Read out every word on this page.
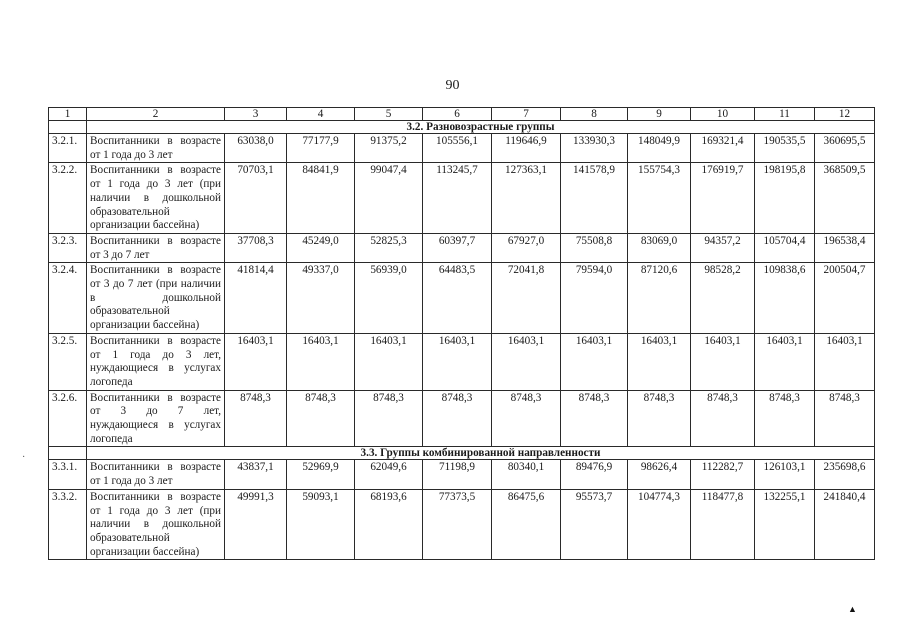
90
1	2	3	4	5	6	7	8	9	10	11	12
	3.2. Разновозрастные группы										
3.2.1.	Воспитанники в возрасте от 1 года до 3 лет	63038,0	77177,9	91375,2	105556,1	119646,9	133930,3	148049,9	169321,4	190535,5	360695,5
3.2.2.	Воспитанники в возрасте от 1 года до 3 лет (при наличии в дошкольной образовательной организации бассейна)	70703,1	84841,9	99047,4	113245,7	127363,1	141578,9	155754,3	176919,7	198195,8	368509,5
3.2.3.	Воспитанники в возрасте от 3 до 7 лет	37708,3	45249,0	52825,3	60397,7	67927,0	75508,8	83069,0	94357,2	105704,4	196538,4
3.2.4.	Воспитанники в возрасте от 3 до 7 лет (при наличии в дошкольной образовательной организации бассейна)	41814,4	49337,0	56939,0	64483,5	72041,8	79594,0	87120,6	98528,2	109838,6	200504,7
3.2.5.	Воспитанники в возрасте от 1 года до 3 лет, нуждающиеся в услугах логопеда	16403,1	16403,1	16403,1	16403,1	16403,1	16403,1	16403,1	16403,1	16403,1	16403,1
3.2.6.	Воспитанники в возрасте от 3 до 7 лет, нуждающиеся в услугах логопеда	8748,3	8748,3	8748,3	8748,3	8748,3	8748,3	8748,3	8748,3	8748,3	8748,3
	3.3. Группы комбинированной направленности										
3.3.1.	Воспитанники в возрасте от 1 года до 3 лет	43837,1	52969,9	62049,6	71198,9	80340,1	89476,9	98626,4	112282,7	126103,1	235698,6
3.3.2.	Воспитанники в возрасте от 1 года до 3 лет (при наличии в дошкольной образовательной организации бассейна)	49991,3	59093,1	68193,6	77373,5	86475,6	95573,7	104774,3	118477,8	132255,1	241840,4
·
▲
